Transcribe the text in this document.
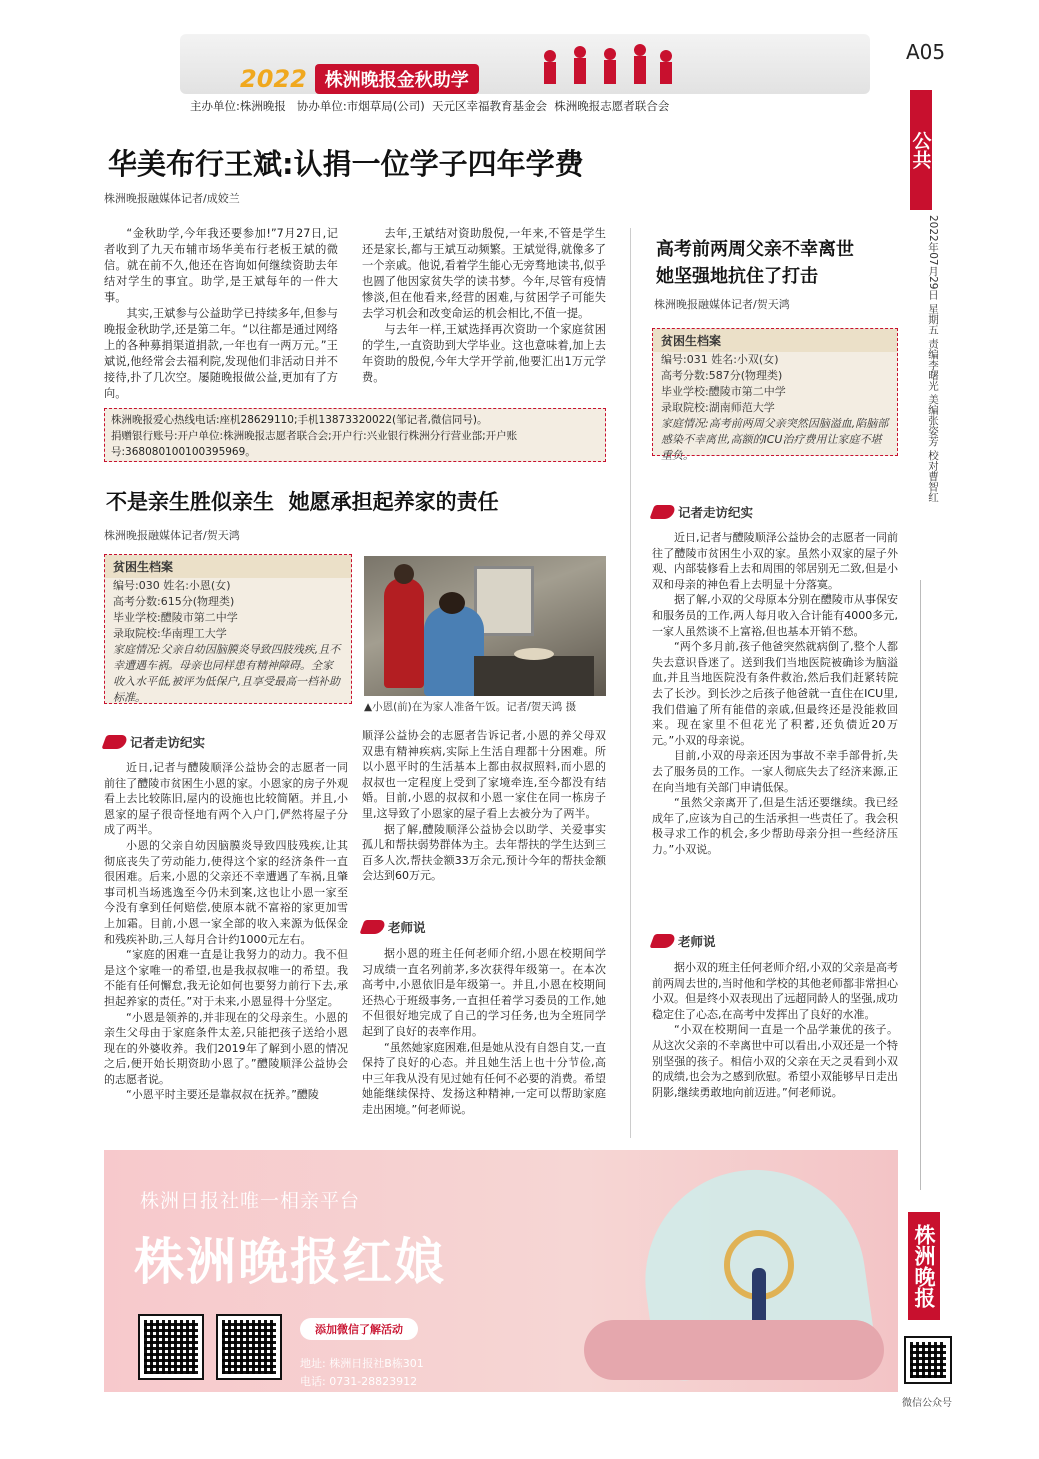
2022	株洲晚报金秋助学
主办单位:株洲晚报   协办单位:市烟草局(公司)  天元区幸福教育基金会  株洲晚报志愿者联合会
A05
公共
2022年07月29日 星期五 责编李曙光 美编张姿芳 校对曹智红
华美布行王斌:认捐一位学子四年学费
株洲晚报融媒体记者/成姣兰

“金秋助学,今年我还要参加!”7月27日,记者收到了九天布辅市场华美布行老板王斌的微信。就在前不久,他还在咨询如何继续资助去年结对学生的事宜。助学,是王斌每年的一件大事。

其实,王斌参与公益助学已持续多年,但参与晚报金秋助学,还是第二年。“以往都是通过网络上的各种募捐渠道捐款,一年也有一两万元。”王斌说,他经常会去福利院,发现他们非活动日并不接待,扑了几次空。屡随晚报做公益,更加有了方向。

去年,王斌结对资助殷倪,一年来,不管是学生还是家长,都与王斌互动频繁。王斌觉得,就像多了一个亲戚。他说,看着学生能心无旁骛地读书,似乎也圆了他因家贫失学的读书梦。今年,尽管有疫情惨淡,但在他看来,经营的困难,与贫困学子可能失去学习机会和改变命运的机会相比,不值一提。

与去年一样,王斌选择再次资助一个家庭贫困的学生,一直资助到大学毕业。这也意味着,加上去年资助的殷倪,今年大学开学前,他要汇出1万元学费。

株洲晚报爱心热线电话:座机28629110;手机13873320022(邹记者,微信同号)。
捐赠银行账号:开户单位:株洲晚报志愿者联合会;开户行:兴业银行株洲分行营业部;开户账号:368080100100395969。
不是亲生胜似亲生  她愿承担起养家的责任
株洲晚报融媒体记者/贺天鸿
贫困生档案
编号:030 姓名:小恩(女)
高考分数:615分(物理类)
毕业学校:醴陵市第二中学
录取院校:华南理工大学
家庭情况:父亲自幼因脑膜炎导致四肢残疾,且不幸遭遇车祸。母亲也同样患有精神障碍。全家收入水平低,被评为低保户,且享受最高一档补助标准。
▲小恩(前)在为家人准备午饭。记者/贺天鸿 摄
记者走访纪实

近日,记者与醴陵顺泽公益协会的志愿者一同前往了醴陵市贫困生小恩的家。小恩家的房子外观看上去比较陈旧,屋内的设施也比较简陋。并且,小恩家的屋子很奇怪地有两个入户门,俨然将屋子分成了两半。

小恩的父亲自幼因脑膜炎导致四肢残疾,让其彻底丧失了劳动能力,使得这个家的经济条件一直很困难。后来,小恩的父亲还不幸遭遇了车祸,且肇事司机当场逃逸至今仍未到案,这也让小恩一家至今没有拿到任何赔偿,使原本就不富裕的家更加雪上加霜。目前,小恩一家全部的收入来源为低保金和残疾补助,三人每月合计约1000元左右。

“家庭的困难一直是让我努力的动力。我不但是这个家唯一的希望,也是我叔叔唯一的希望。我不能有任何懈怠,我无论如何也要努力前行下去,承担起养家的责任。”对于未来,小恩显得十分坚定。

“小恩是领养的,并非现在的父母亲生。小恩的亲生父母由于家庭条件太差,只能把孩子送给小恩现在的外婆收养。我们2019年了解到小恩的情况之后,便开始长期资助小恩了。”醴陵顺泽公益协会的志愿者说。

“小恩平时主要还是靠叔叔在抚养。”醴陵

顺泽公益协会的志愿者告诉记者,小恩的养父母双双患有精神疾病,实际上生活自理都十分困难。所以小恩平时的生活基本上都由叔叔照料,而小恩的叔叔也一定程度上受到了家境牵连,至今都没有结婚。目前,小恩的叔叔和小恩一家住在同一栋房子里,这导致了小恩家的屋子看上去被分为了两半。

据了解,醴陵顺泽公益协会以助学、关爱事实孤儿和帮扶弱势群体为主。去年帮扶的学生达到三百多人次,帮扶金额33万余元,预计今年的帮扶金额会达到60万元。

老师说

据小恩的班主任何老师介绍,小恩在校期间学习成绩一直名列前茅,多次获得年级第一。在本次高考中,小恩依旧是年级第一。并且,小恩在校期间还热心于班级事务,一直担任着学习委员的工作,她不但很好地完成了自己的学习任务,也为全班同学起到了良好的表率作用。

“虽然她家庭困难,但是她从没有自怨自艾,一直保持了良好的心态。并且她生活上也十分节俭,高中三年我从没有见过她有任何不必要的消费。希望她能继续保持、发扬这种精神,一定可以帮助家庭走出困境。”何老师说。

高考前两周父亲不幸离世
她坚强地抗住了打击
株洲晚报融媒体记者/贺天鸿
贫困生档案
编号:031 姓名:小双(女)
高考分数:587分(物理类)
毕业学校:醴陵市第二中学
录取院校:湖南师范大学
家庭情况:高考前两周父亲突然因脑溢血,陷脑部感染不幸离世,高额的ICU治疗费用让家庭不堪重负。
记者走访纪实

近日,记者与醴陵顺泽公益协会的志愿者一同前往了醴陵市贫困生小双的家。虽然小双家的屋子外观、内部装修看上去和周围的邻居别无二致,但是小双和母亲的神色看上去明显十分落寞。

据了解,小双的父母原本分别在醴陵市从事保安和服务员的工作,两人每月收入合计能有4000多元,一家人虽然谈不上富裕,但也基本开销不愁。

“两个多月前,孩子他爸突然就病倒了,整个人都失去意识昏迷了。送到我们当地医院被确诊为脑溢血,并且当地医院没有条件救治,然后我们赶紧转院去了长沙。到长沙之后孩子他爸就一直住在ICU里,我们借遍了所有能借的亲戚,但最终还是没能救回来。现在家里不但花光了积蓄,还负债近20万元。”小双的母亲说。

目前,小双的母亲还因为事故不幸手部骨折,失去了服务员的工作。一家人彻底失去了经济来源,正在向当地有关部门申请低保。

“虽然父亲离开了,但是生活还要继续。我已经成年了,应该为自己的生活承担一些责任了。我会积极寻求工作的机会,多少帮助母亲分担一些经济压力。”小双说。

老师说

据小双的班主任何老师介绍,小双的父亲是高考前两周去世的,当时他和学校的其他老师都非常担心小双。但是终小双表现出了远超同龄人的坚强,成功稳定住了心态,在高考中发挥出了良好的水准。

“小双在校期间一直是一个品学兼优的孩子。从这次父亲的不幸离世中可以看出,小双还是一个特别坚强的孩子。相信小双的父亲在天之灵看到小双的成绩,也会为之感到欣慰。希望小双能够早日走出阴影,继续勇敢地向前迈进。”何老师说。

株洲日报社唯一相亲平台
株洲晚报红娘
添加微信了解活动
地址: 株洲日报社B栋301
电话: 0731-28823912
株洲晚报
微信公众号
